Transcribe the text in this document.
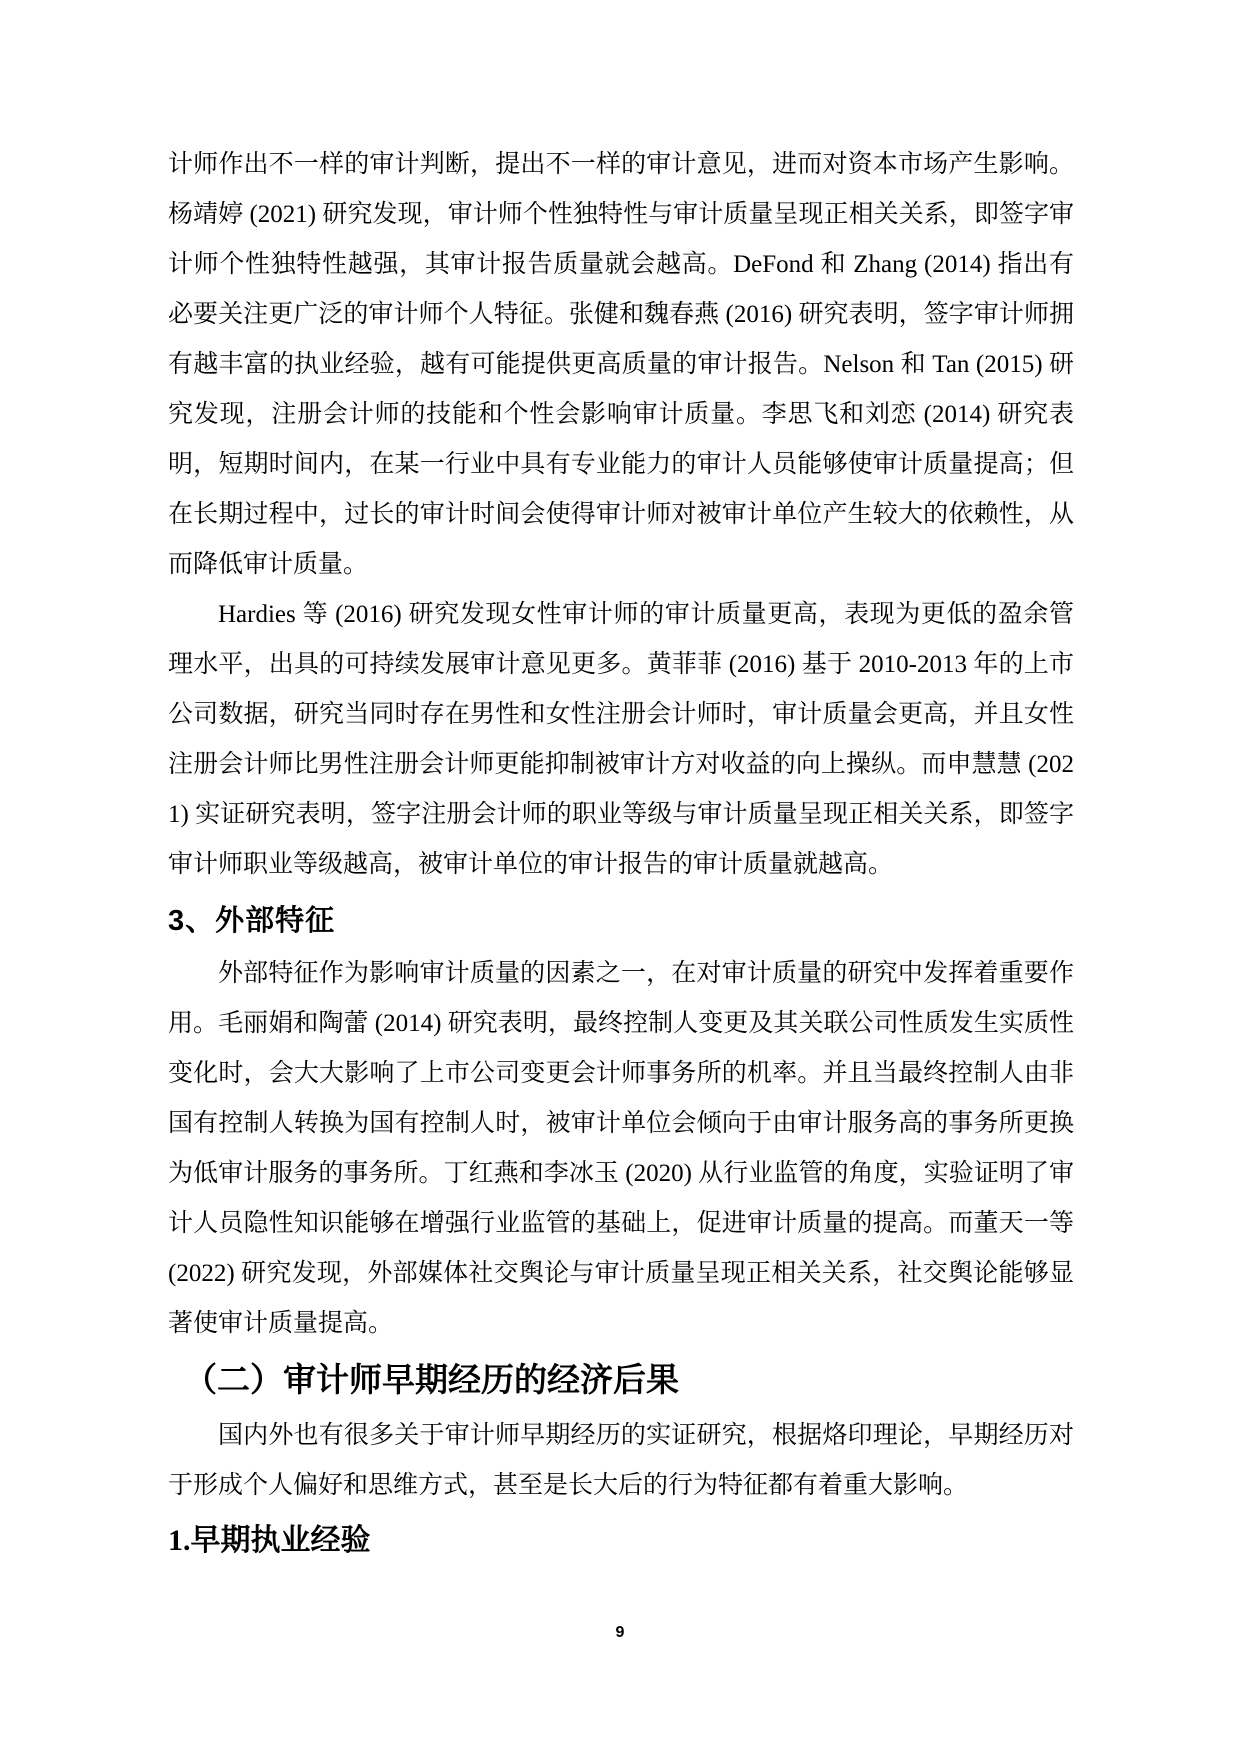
计师作出不一样的审计判断，提出不一样的审计意见，进而对资本市场产生影响。杨靖婷 (2021) 研究发现，审计师个性独特性与审计质量呈现正相关关系，即签字审计师个性独特性越强，其审计报告质量就会越高。DeFond 和 Zhang (2014) 指出有必要关注更广泛的审计师个人特征。张健和魏春燕 (2016) 研究表明，签字审计师拥有越丰富的执业经验，越有可能提供更高质量的审计报告。Nelson 和 Tan (2015) 研究发现，注册会计师的技能和个性会影响审计质量。李思飞和刘恋 (2014) 研究表明，短期时间内，在某一行业中具有专业能力的审计人员能够使审计质量提高；但在长期过程中，过长的审计时间会使得审计师对被审计单位产生较大的依赖性，从而降低审计质量。

Hardies 等 (2016) 研究发现女性审计师的审计质量更高，表现为更低的盈余管理水平，出具的可持续发展审计意见更多。黄菲菲 (2016) 基于 2010-2013 年的上市公司数据，研究当同时存在男性和女性注册会计师时，审计质量会更高，并且女性注册会计师比男性注册会计师更能抑制被审计方对收益的向上操纵。而申慧慧 (2021) 实证研究表明，签字注册会计师的职业等级与审计质量呈现正相关关系，即签字审计师职业等级越高，被审计单位的审计报告的审计质量就越高。

3、外部特征

外部特征作为影响审计质量的因素之一，在对审计质量的研究中发挥着重要作用。毛丽娟和陶蕾 (2014) 研究表明，最终控制人变更及其关联公司性质发生实质性变化时，会大大影响了上市公司变更会计师事务所的机率。并且当最终控制人由非国有控制人转换为国有控制人时，被审计单位会倾向于由审计服务高的事务所更换为低审计服务的事务所。丁红燕和李冰玉 (2020) 从行业监管的角度，实验证明了审计人员隐性知识能够在增强行业监管的基础上，促进审计质量的提高。而董天一等 (2022) 研究发现，外部媒体社交舆论与审计质量呈现正相关关系，社交舆论能够显著使审计质量提高。

（二）审计师早期经历的经济后果

国内外也有很多关于审计师早期经历的实证研究，根据烙印理论，早期经历对于形成个人偏好和思维方式，甚至是长大后的行为特征都有着重大影响。

1.早期执业经验
9
